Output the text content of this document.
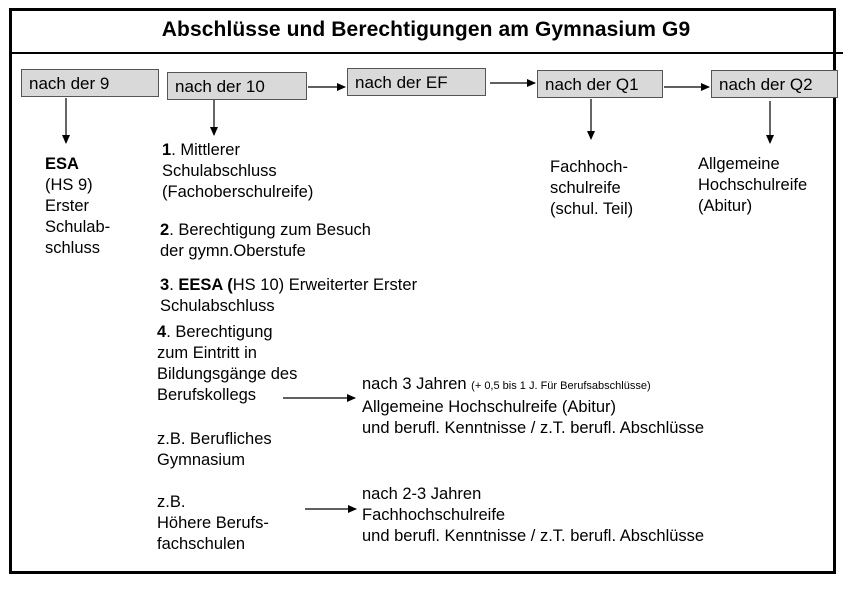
Abschlüsse und Berechtigungen am Gymnasium G9
nach der 9	nach der 10	nach der EF	nach der Q1	nach der Q2
ESA
(HS 9)
Erster
Schulab-
schluss
1. Mittlerer
Schulabschluss
(Fachoberschulreife)
2. Berechtigung zum Besuch
der gymn.Oberstufe
3. EESA (HS 10) Erweiterter Erster
Schulabschluss
4. Berechtigung
zum Eintritt in
Bildungsgänge des
Berufskollegs
z.B. Berufliches
Gymnasium
z.B.
Höhere Berufs-
fachschulen
nach 3 Jahren (+ 0,5 bis 1 J. Für Berufsabschlüsse)
Allgemeine Hochschulreife (Abitur)
und berufl. Kenntnisse / z.T. berufl. Abschlüsse
nach 2-3 Jahren
Fachhochschulreife
und berufl. Kenntnisse / z.T. berufl. Abschlüsse
Fachhoch-
schulreife
(schul. Teil)
Allgemeine
Hochschulreife
(Abitur)
